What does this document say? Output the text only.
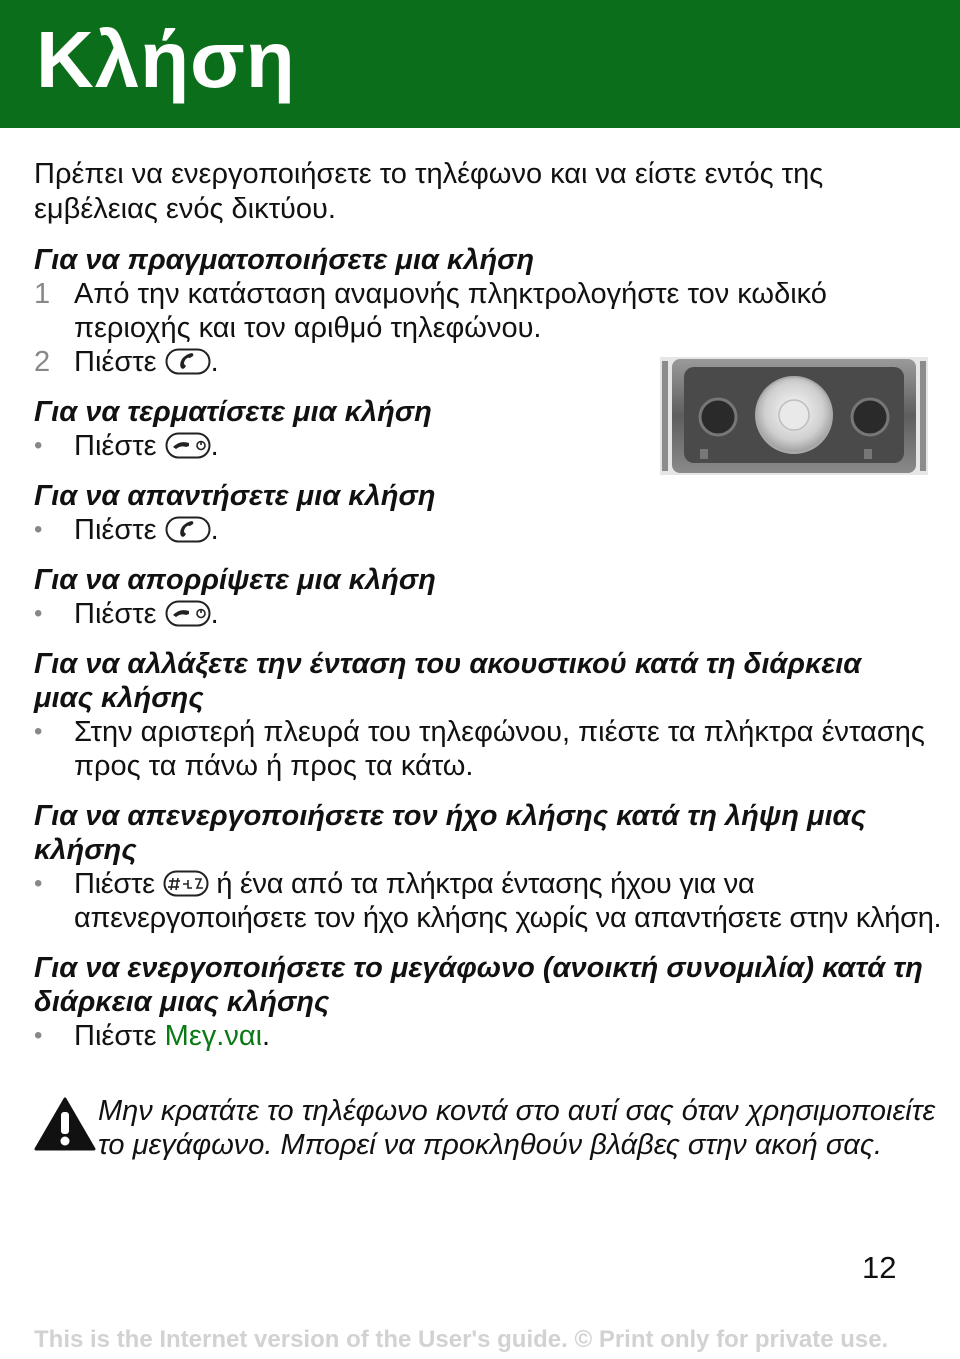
Κλήση

Πρέπει να ενεργοποιήσετε το τηλέφωνο και να είστε εντός της εμβέλειας ενός δικτύου.

Για να πραγματοποιήσετε μια κλήση

1 Από την κατάσταση αναμονής πληκτρολογήστε τον κωδικό περιοχής και τον αριθμό τηλεφώνου.
2 Πιέστε .

Για να τερματίσετε μια κλήση

• Πιέστε .

Για να απαντήσετε μια κλήση

• Πιέστε .

Για να απορρίψετε μια κλήση

• Πιέστε .

Για να αλλάξετε την ένταση του ακουστικού κατά τη διάρκεια μιας κλήσης

• Στην αριστερή πλευρά του τηλεφώνου, πιέστε τα πλήκτρα έντασης προς τα πάνω ή προς τα κάτω.

Για να απενεργοποιήσετε τον ήχο κλήσης κατά τη λήψη μιας κλήσης

• Πιέστε ή ένα από τα πλήκτρα έντασης ήχου για να απενεργοποιήσετε τον ήχο κλήσης χωρίς να απαντήσετε στην κλήση.

Για να ενεργοποιήσετε το μεγάφωνο (ανοικτή συνομιλία) κατά τη διάρκεια μιας κλήσης

• Πιέστε Μεγ.ναι.

Μην κρατάτε το τηλέφωνο κοντά στο αυτί σας όταν χρησιμοποιείτε το μεγάφωνο. Μπορεί να προκληθούν βλάβες στην ακοή σας.

12
This is the Internet version of the User's guide. © Print only for private use.
